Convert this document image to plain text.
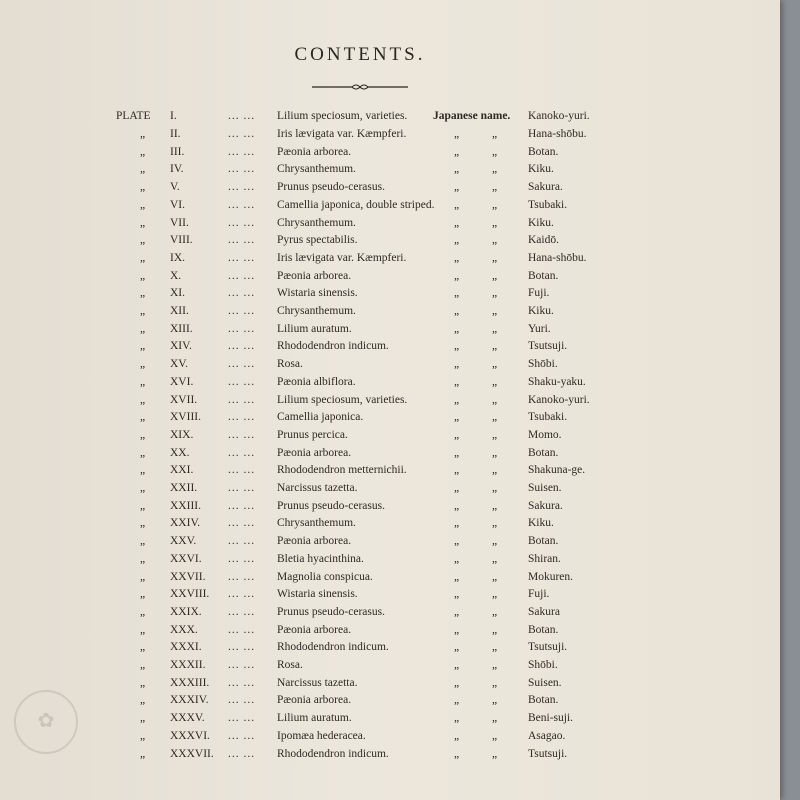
CONTENTS.
PLATE I.	... ... Lilium speciosum, varieties. Japanese name. Kanoko-yuri.
„ II.	... ... Iris lævigata var. Kæmpferi.	„	„	Hana-shōbu.
„ III.	... ... Pæonia arborea.	„	„	Botan.
„ IV.	... ... Chrysanthemum.	„	„	Kiku.
„ V.	... ... Prunus pseudo-cerasus.	„	„	Sakura.
„ VI.	... ... Camellia japonica, double striped. „	„	Tsubaki.
„ VII.	... ... Chrysanthemum.	„	„	Kiku.
„ VIII.	... ... Pyrus spectabilis.	„	„	Kaidō.
„ IX.	... ... Iris lævigata var. Kæmpferi.	„	„	Hana-shōbu.
„ X.	... ... Pæonia arborea.	„	„	Botan.
„ XI.	... ... Wistaria sinensis.	„	„	Fuji.
„ XII.	... ... Chrysanthemum.	„	„	Kiku.
„ XIII.	... ... Lilium auratum.	„	„	Yuri.
„ XIV.	... ... Rhododendron indicum.	„	„	Tsutsuji.
„ XV.	... ... Rosa.	„	„	Shōbi.
„ XVI.	... ... Pæonia albiflora.	„	„	Shaku-yaku.
„ XVII.	... ... Lilium speciosum, varieties.	„	„	Kanoko-yuri.
„ XVIII. ... ... Camellia japonica.	„	„	Tsubaki.
„ XIX.	... ... Prunus percica.	„	„	Momo.
„ XX.	... ... Pæonia arborea.	„	„	Botan.
„ XXI.	... ... Rhododendron metternichii.	„	„	Shakuna-ge.
„ XXII.	... ... Narcissus tazetta.	„	„	Suisen.
„ XXIII. ... ... Prunus pseudo-cerasus.	„	„	Sakura.
„ XXIV. ... ... Chrysanthemum.	„	„	Kiku.
„ XXV.	... ... Pæonia arborea.	„	„	Botan.
„ XXVI. ... ... Bletia hyacinthina.	„	„	Shiran.
„ XXVII. ... ... Magnolia conspicua.	„	„	Mokuren.
„ XXVIII. ... ... Wistaria sinensis.	„	„	Fuji.
„ XXIX. ... ... Prunus pseudo-cerasus.	„	„	Sakura
„ XXX.	... ... Pæonia arborea.	„	„	Botan.
„ XXXI. ... ... Rhododendron indicum.	„	„	Tsutsuji.
„ XXXII. ... ... Rosa.	„	„	Shōbi.
„ XXXIII. ... ... Narcissus tazetta.	„	„	Suisen.
„ XXXIV. ... ... Pæonia arborea.	„	„	Botan.
„ XXXV. ... ... Lilium auratum.	„	„	Beni-suji.
„ XXXVI. ... ... Ipomæa hederacea.	„	„	Asagao.
„ XXXVII. ... ... Rhododendron indicum.	„	„	Tsutsuji.
✿
